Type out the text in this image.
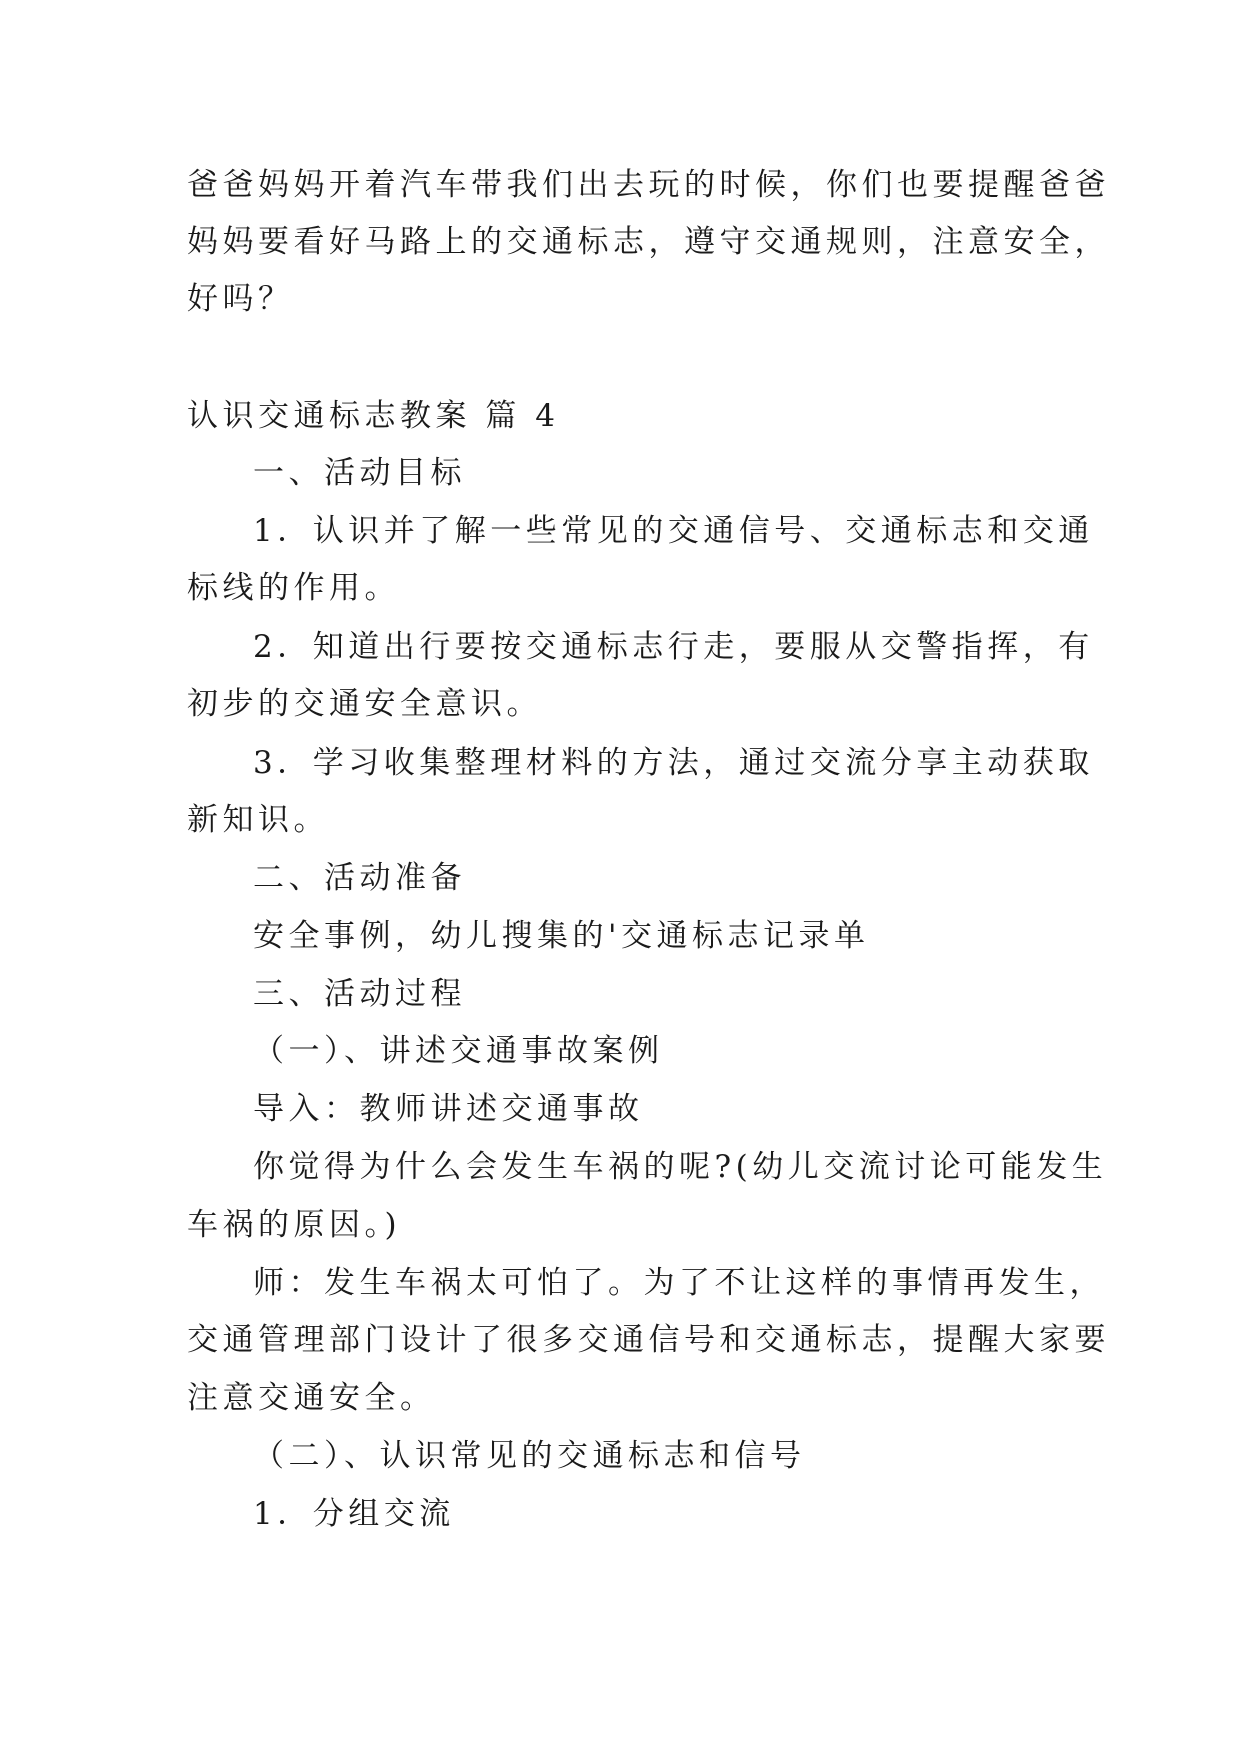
爸爸妈妈开着汽车带我们出去玩的时候，你们也要提醒爸爸
妈妈要看好马路上的交通标志，遵守交通规则，注意安全，
好吗？
认识交通标志教案 篇 4
一、活动目标
1．认识并了解一些常见的交通信号、交通标志和交通
标线的作用。
2．知道出行要按交通标志行走，要服从交警指挥，有
初步的交通安全意识。
3．学习收集整理材料的方法，通过交流分享主动获取
新知识。
二、活动准备
安全事例，幼儿搜集的'交通标志记录单
三、活动过程
（一）、讲述交通事故案例
导入：教师讲述交通事故
你觉得为什么会发生车祸的呢?(幼儿交流讨论可能发生
车祸的原因。)
师：发生车祸太可怕了。为了不让这样的事情再发生，
交通管理部门设计了很多交通信号和交通标志，提醒大家要
注意交通安全。
（二）、认识常见的交通标志和信号
1．分组交流
